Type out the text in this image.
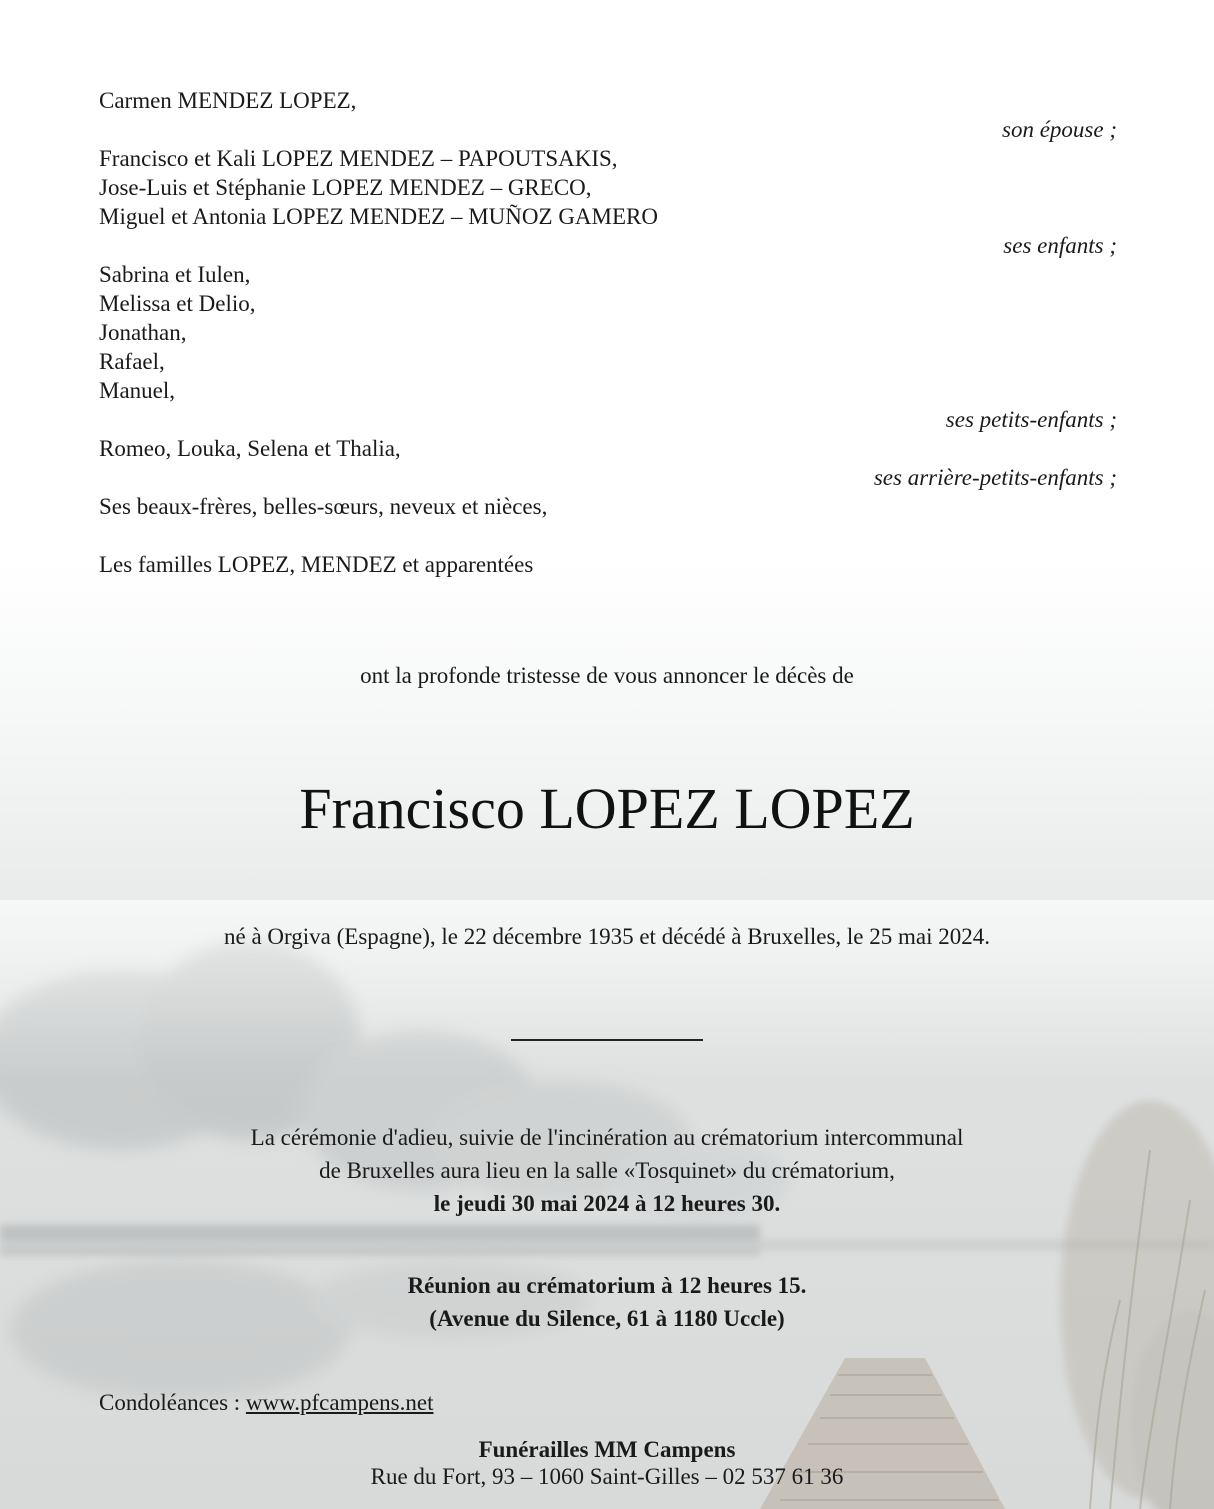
Carmen MENDEZ LOPEZ,
son épouse ;
Francisco et Kali LOPEZ MENDEZ – PAPOUTSAKIS,
Jose-Luis et Stéphanie LOPEZ MENDEZ – GRECO,
Miguel et Antonia LOPEZ MENDEZ – MUÑOZ GAMERO
ses enfants ;
Sabrina et Iulen,
Melissa et Delio,
Jonathan,
Rafael,
Manuel,
ses petits-enfants ;
Romeo, Louka, Selena et Thalia,
ses arrière-petits-enfants ;
Ses beaux-frères, belles-sœurs, neveux et nièces,
Les familles LOPEZ, MENDEZ et apparentées
ont la profonde tristesse de vous annoncer le décès de
Francisco LOPEZ LOPEZ
né à Orgiva (Espagne), le 22 décembre 1935 et décédé à Bruxelles, le 25 mai 2024.
La cérémonie d'adieu, suivie de l'incinération au crématorium intercommunal
de Bruxelles aura lieu en la salle «Tosquinet» du crématorium,
le jeudi 30 mai 2024 à 12 heures 30.
Réunion au crématorium à 12 heures 15.
(Avenue du Silence, 61 à 1180 Uccle)
Condoléances : www.pfcampens.net
Funérailles MM Campens
Rue du Fort, 93 – 1060 Saint-Gilles – 02 537 61 36
